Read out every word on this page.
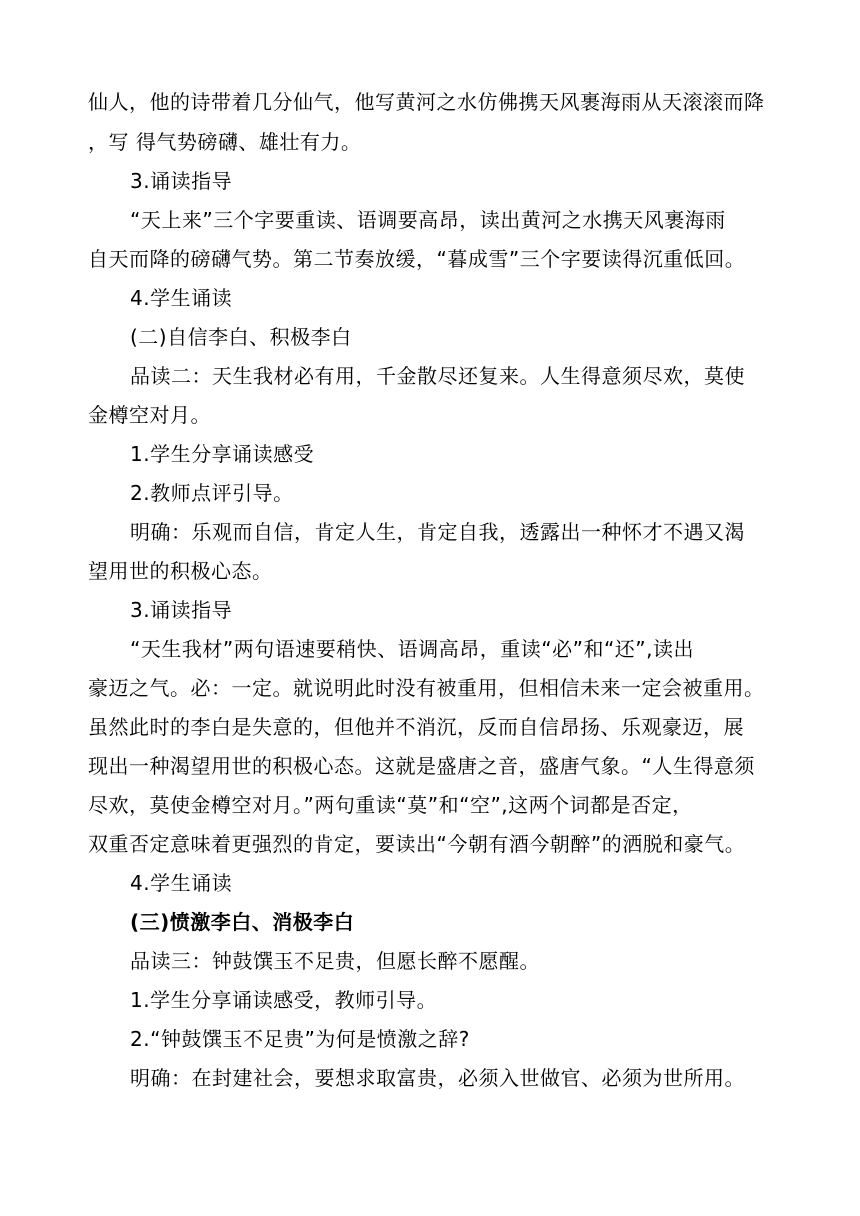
仙人，他的诗带着几分仙气，他写黄河之水仿佛携天风裹海雨从天滚滚而降
，写 得气势磅礴、雄壮有力。
3.诵读指导
“天上来”三个字要重读、语调要高昂，读出黄河之水携天风裹海雨
自天而降的磅礴气势。第二节奏放缓，“暮成雪”三个字要读得沉重低回。
4.学生诵读
(二)自信李白、积极李白
品读二：天生我材必有用，千金散尽还复来。人生得意须尽欢，莫使
金樽空对月。
1.学生分享诵读感受
2.教师点评引导。
明确：乐观而自信，肯定人生，肯定自我，透露出一种怀才不遇又渴
望用世的积极心态。
3.诵读指导
“天生我材”两句语速要稍快、语调高昂，重读“必”和“还”,读出
豪迈之气。必：一定。就说明此时没有被重用，但相信未来一定会被重用。
虽然此时的李白是失意的，但他并不消沉，反而自信昂扬、乐观豪迈，展
现出一种渴望用世的积极心态。这就是盛唐之音，盛唐气象。“人生得意须
尽欢，莫使金樽空对月。”两句重读“莫”和“空”,这两个词都是否定，
双重否定意味着更强烈的肯定，要读出“今朝有酒今朝醉”的洒脱和豪气。
4.学生诵读
(三)愤激李白、消极李白
品读三：钟鼓馔玉不足贵，但愿长醉不愿醒。
1.学生分享诵读感受，教师引导。
2.“钟鼓馔玉不足贵”为何是愤激之辞?
明确：在封建社会，要想求取富贵，必须入世做官、必须为世所用。
